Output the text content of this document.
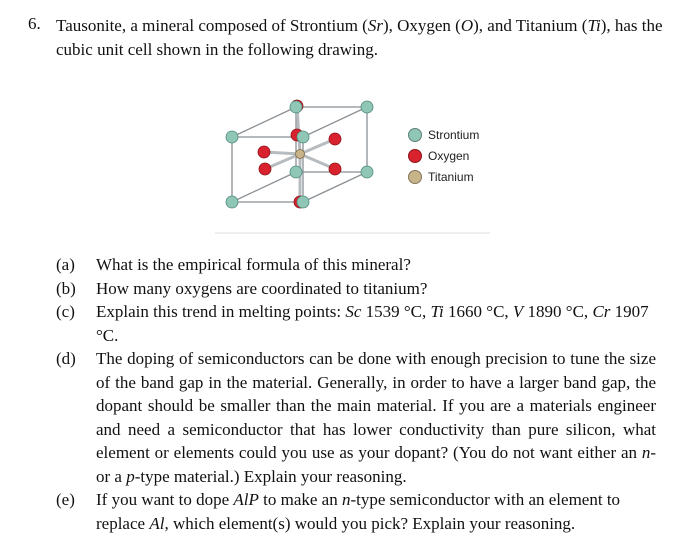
6. Tausonite, a mineral composed of Strontium (Sr), Oxygen (O), and Titanium (Ti), has the cubic unit cell shown in the following drawing.
Strontium
Oxygen
Titanium
(a)	What is the empirical formula of this mineral?
(b)	How many oxygens are coordinated to titanium?
(c)	Explain this trend in melting points: Sc 1539 °C, Ti 1660 °C, V 1890 °C, Cr 1907 °C.
(d)	The doping of semiconductors can be done with enough precision to tune the size of the band gap in the material. Generally, in order to have a larger band gap, the dopant should be smaller than the main material. If you are a materials engineer and need a semiconductor that has lower conductivity than pure silicon, what element or elements could you use as your dopant? (You do not want either an n- or a p-type material.) Explain your reasoning.
(e)	If you want to dope AlP to make an n-type semiconductor with an element to replace Al, which element(s) would you pick? Explain your reasoning.
